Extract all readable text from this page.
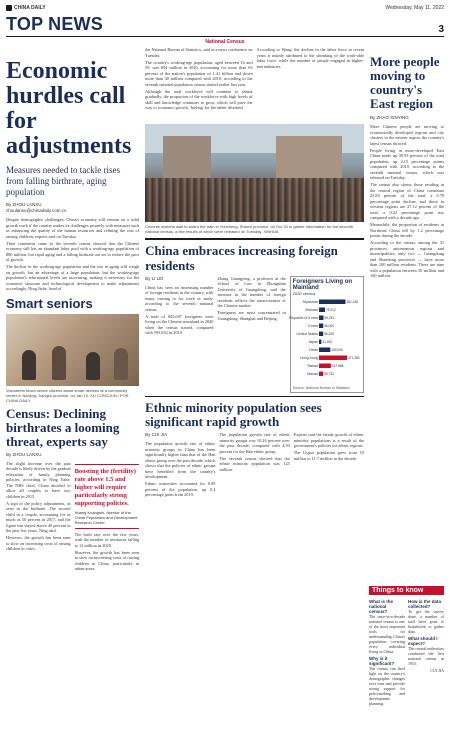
CHINA DAILY	Wednesday, May 11, 2022
TOP NEWS	3
National Census
Economic hurdles call for adjustments
Measures needed to tackle rises from falling birthrate, aging population
By ZHOU LANXU
zhoulanxu@chinadaily.com.cn

Despite demographic challenges, China's economy will remain on a solid growth track if the country makes its challenges properly with measures such as enhancing the quality of the human resources and refining the cost of raising children, experts said on Tuesday.

Their comments came as the seventh census showed that the Chinese economy still has an abundant labor pool with a working-age population of 880 million, but rapid aging and a falling birthrate are set to reduce the pace of growth.

The decline in the working-age population and the rise in aging will weigh on growth, but an advantage of a large population, but the working-age population's educational levels are increasing, making it necessary for the economic structure and technological development to make adjustments accordingly, Ning Jizhe, head of

Smart seniors
Volunteers teach senior citizens about smart devices at a community center in Nanjing, Jiangsu province, on Jan 10. XU CONGJUN / FOR CHINA DAILY
Census: Declining birthrates a looming threat, experts say
By ZHOU LANXU

The slight increase over the past decade is likely driven by the gradual relaxation of family planning policies, according to Ning Jizhe. The NBS chief. China decided to allow all couples to have two children in 2015.

A sign of the policy adjustments, as seen in the birthrate. The second child in a couple, accounting for as much as 50 percent in 2017, and the figure has stayed above 40 percent in the past few years, Ning said.

However, the growth has been seen to slow on increasing costs of raising children in cities.

Boosting the (fertility) rate above 1.5 and higher will require particularly strong supporting policies.
Huang Kuangshi, director of the China Population and Development Research Center

The birth rate over the few years, with the number of newborns falling to 12 million in 2020.

However, the growth has been seen to slow on increasing costs of raising children in China, particularly in urban areas.

the National Bureau of Statistics, said at a news conference on Tuesday.

The country's working-age population, aged between 16 and 59, was 894 million in 2020, accounting for more than 63 percent of the nation's population of 1.41 billion and down more than 40 million compared with 2010, according to the seventh national population census started earlier last year.

Although the total workforce will continue to shrink gradually, the proportion of the workforce with high levels of skill and knowledge continues to grow, which will pave the way to economic growth, 'fueling' for the talent dividend.

According to Wang, the decline in the labor force in recent years is mainly attributed to the shrinking of the work-able labor force, while the number of people engaged in higher-end industries

Chinese workers wait to board the train in Yuncheng, Shanxi province, on Oct 30 to gather information for the seventh national census, a few results of which were released on Tuesday. XINHUA
China embraces increasing foreign residents
By LI LEI

China has seen an increasing number of foreign residents in the country, with many coming to for work or study, according to the seventh national census.

A total of 845,697 foreigners were living on the Chinese mainland in 2020 when the census started, compared with 593,832 in 2010.

Zhang Guangying, a professor at the School of Law in Zhongshan University of Guangdong, said the increase in the number of foreign residents reflects the attractiveness of the Chinese market.

Foreigners are most concentrated in Guangdong, Shanghai and Beijing.

Foreigners Living on Mainland
2020 census
Myanmar	351,248
Vietnam 79,212
Republic of Korea 59,242
Korea 56,000
United States 55,226
Japan 31,200
Other	150,000
Hong Kong	371,380
Taiwan	157,886
Macao 55,732
Source: National Bureau of Statistics
Ethnic minority population sees significant rapid growth
By CUI JIA

The population growth rate of ethnic minority groups in China has been significantly higher than that of the Han ethnic group over the past decade, which shows that the policies of ethnic groups have benefited from the country's development.

Ethnic minorities accounted for 8.89 percent of the population, up 0.4 percentage point from 2010.

The population growth rate of ethnic minority groups was 10.26 percent over the past decade, compared with 4.93 percent for the Han ethnic group.

The seventh census showed that the ethnic minority population was 125 million.

Experts said the steady growth of ethnic minority populations is a result of the government's policies for ethnic regions.

The Uygur population grew from 10 million to 11.7 million in the decade.

More people moving to country's East region
By ZHAO XINYING

More Chinese people are moving to economically developed regions and city clusters in the eastern region, the country's latest census showed.

People living in more-developed East China made up 39.93 percent of the total population, up 2.15 percentage points compared with 2010, according to the seventh national census, which was released on Tuesday.

The census also shows those residing in the central region of China constitute 25.83 percent of the total, a 0.79 percentage point decline, and those in western regions are 27.12 percent of the total, a 0.22 percentage point rise compared with a decade ago.

Meanwhile, the proportion of residents in Northeast China fell by 1.2 percentage points during the decade.

According to the census, among the 31 provinces, autonomous regions and municipalities, only two — Guangdong and Shandong provinces — have more than 100 million residents. There are nine with a population between 50 million and 100 million.

Things to know
What is the national census?
The once-in-a-decade national census is one of the most important tools for understanding China's population, covering every individual living in China.
Why is it significant?
The census can shed light on the country's demographic changes over time and provide strong support for policymaking and development planning.
How is the data collected?
To get the survey done, a number of staff have gone to households to gather data.
What should I expect?
The central authorities conducted the first national census in 1953.
CUI JIA
